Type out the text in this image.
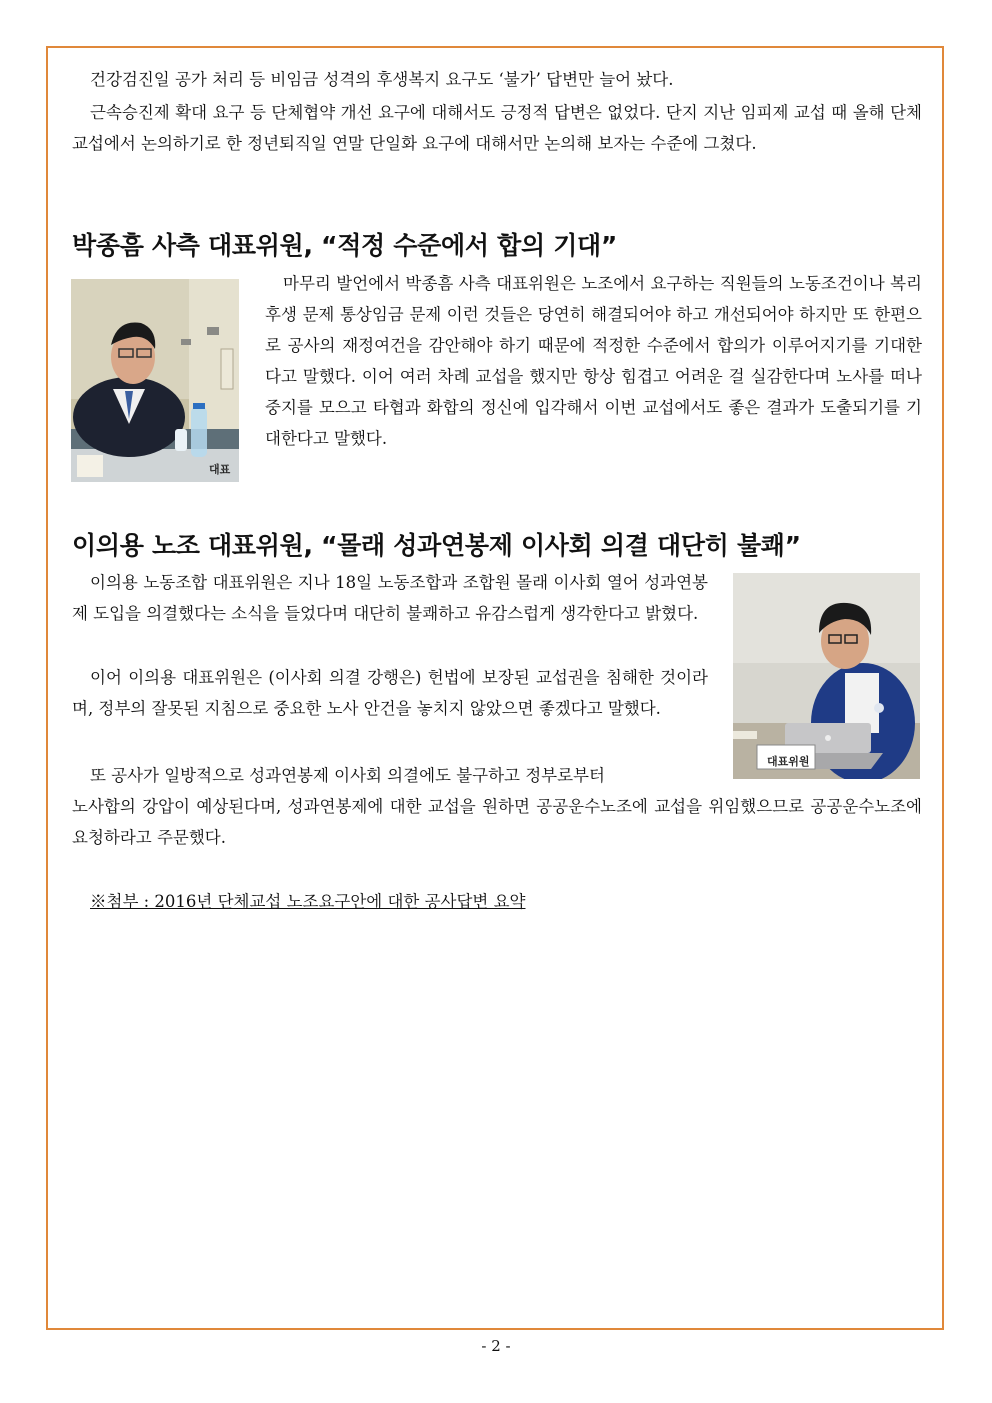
건강검진일 공가 처리 등 비임금 성격의 후생복지 요구도 ‘불가’ 답변만 늘어 놨다.

근속승진제 확대 요구 등 단체협약 개선 요구에 대해서도 긍정적 답변은 없었다. 단지 지난 임피제 교섭 때 올해 단체교섭에서 논의하기로 한 정년퇴직일 연말 단일화 요구에 대해서만 논의해 보자는 수준에 그쳤다.

박종흠 사측 대표위원, “적정 수준에서 합의 기대”
대표

마무리 발언에서 박종흠 사측 대표위원은 노조에서 요구하는 직원들의 노동조건이나 복리후생 문제 통상임금 문제 이런 것들은 당연히 해결되어야 하고 개선되어야 하지만 또 한편으로 공사의 재정여건을 감안해야 하기 때문에 적정한 수준에서 합의가 이루어지기를 기대한다고 말했다. 이어 여러 차례 교섭을 했지만 항상 힘겹고 어려운 걸 실감한다며 노사를 떠나 중지를 모으고 타협과 화합의 정신에 입각해서 이번 교섭에서도 좋은 결과가 도출되기를 기대한다고 말했다.

이의용 노조 대표위원, “몰래 성과연봉제 이사회 의결 대단히 불쾌”
대표위원

이의용 노동조합 대표위원은 지나 18일 노동조합과 조합원 몰래 이사회 열어 성과연봉제 도입을 의결했다는 소식을 들었다며 대단히 불쾌하고 유감스럽게 생각한다고 밝혔다.

이어 이의용 대표위원은 (이사회 의결 강행은) 헌법에 보장된 교섭권을 침해한 것이라며, 정부의 잘못된 지침으로 중요한 노사 안건을 놓치지 않았으면 좋겠다고 말했다.

또 공사가 일방적으로 성과연봉제 이사회 의결에도 불구하고 정부로부터

노사합의 강압이 예상된다며, 성과연봉제에 대한 교섭을 원하면 공공운수노조에 교섭을 위임했으므로 공공운수노조에 요청하라고 주문했다.

※첨부 : 2016년 단체교섭 노조요구안에 대한 공사답변 요약
- 2 -
